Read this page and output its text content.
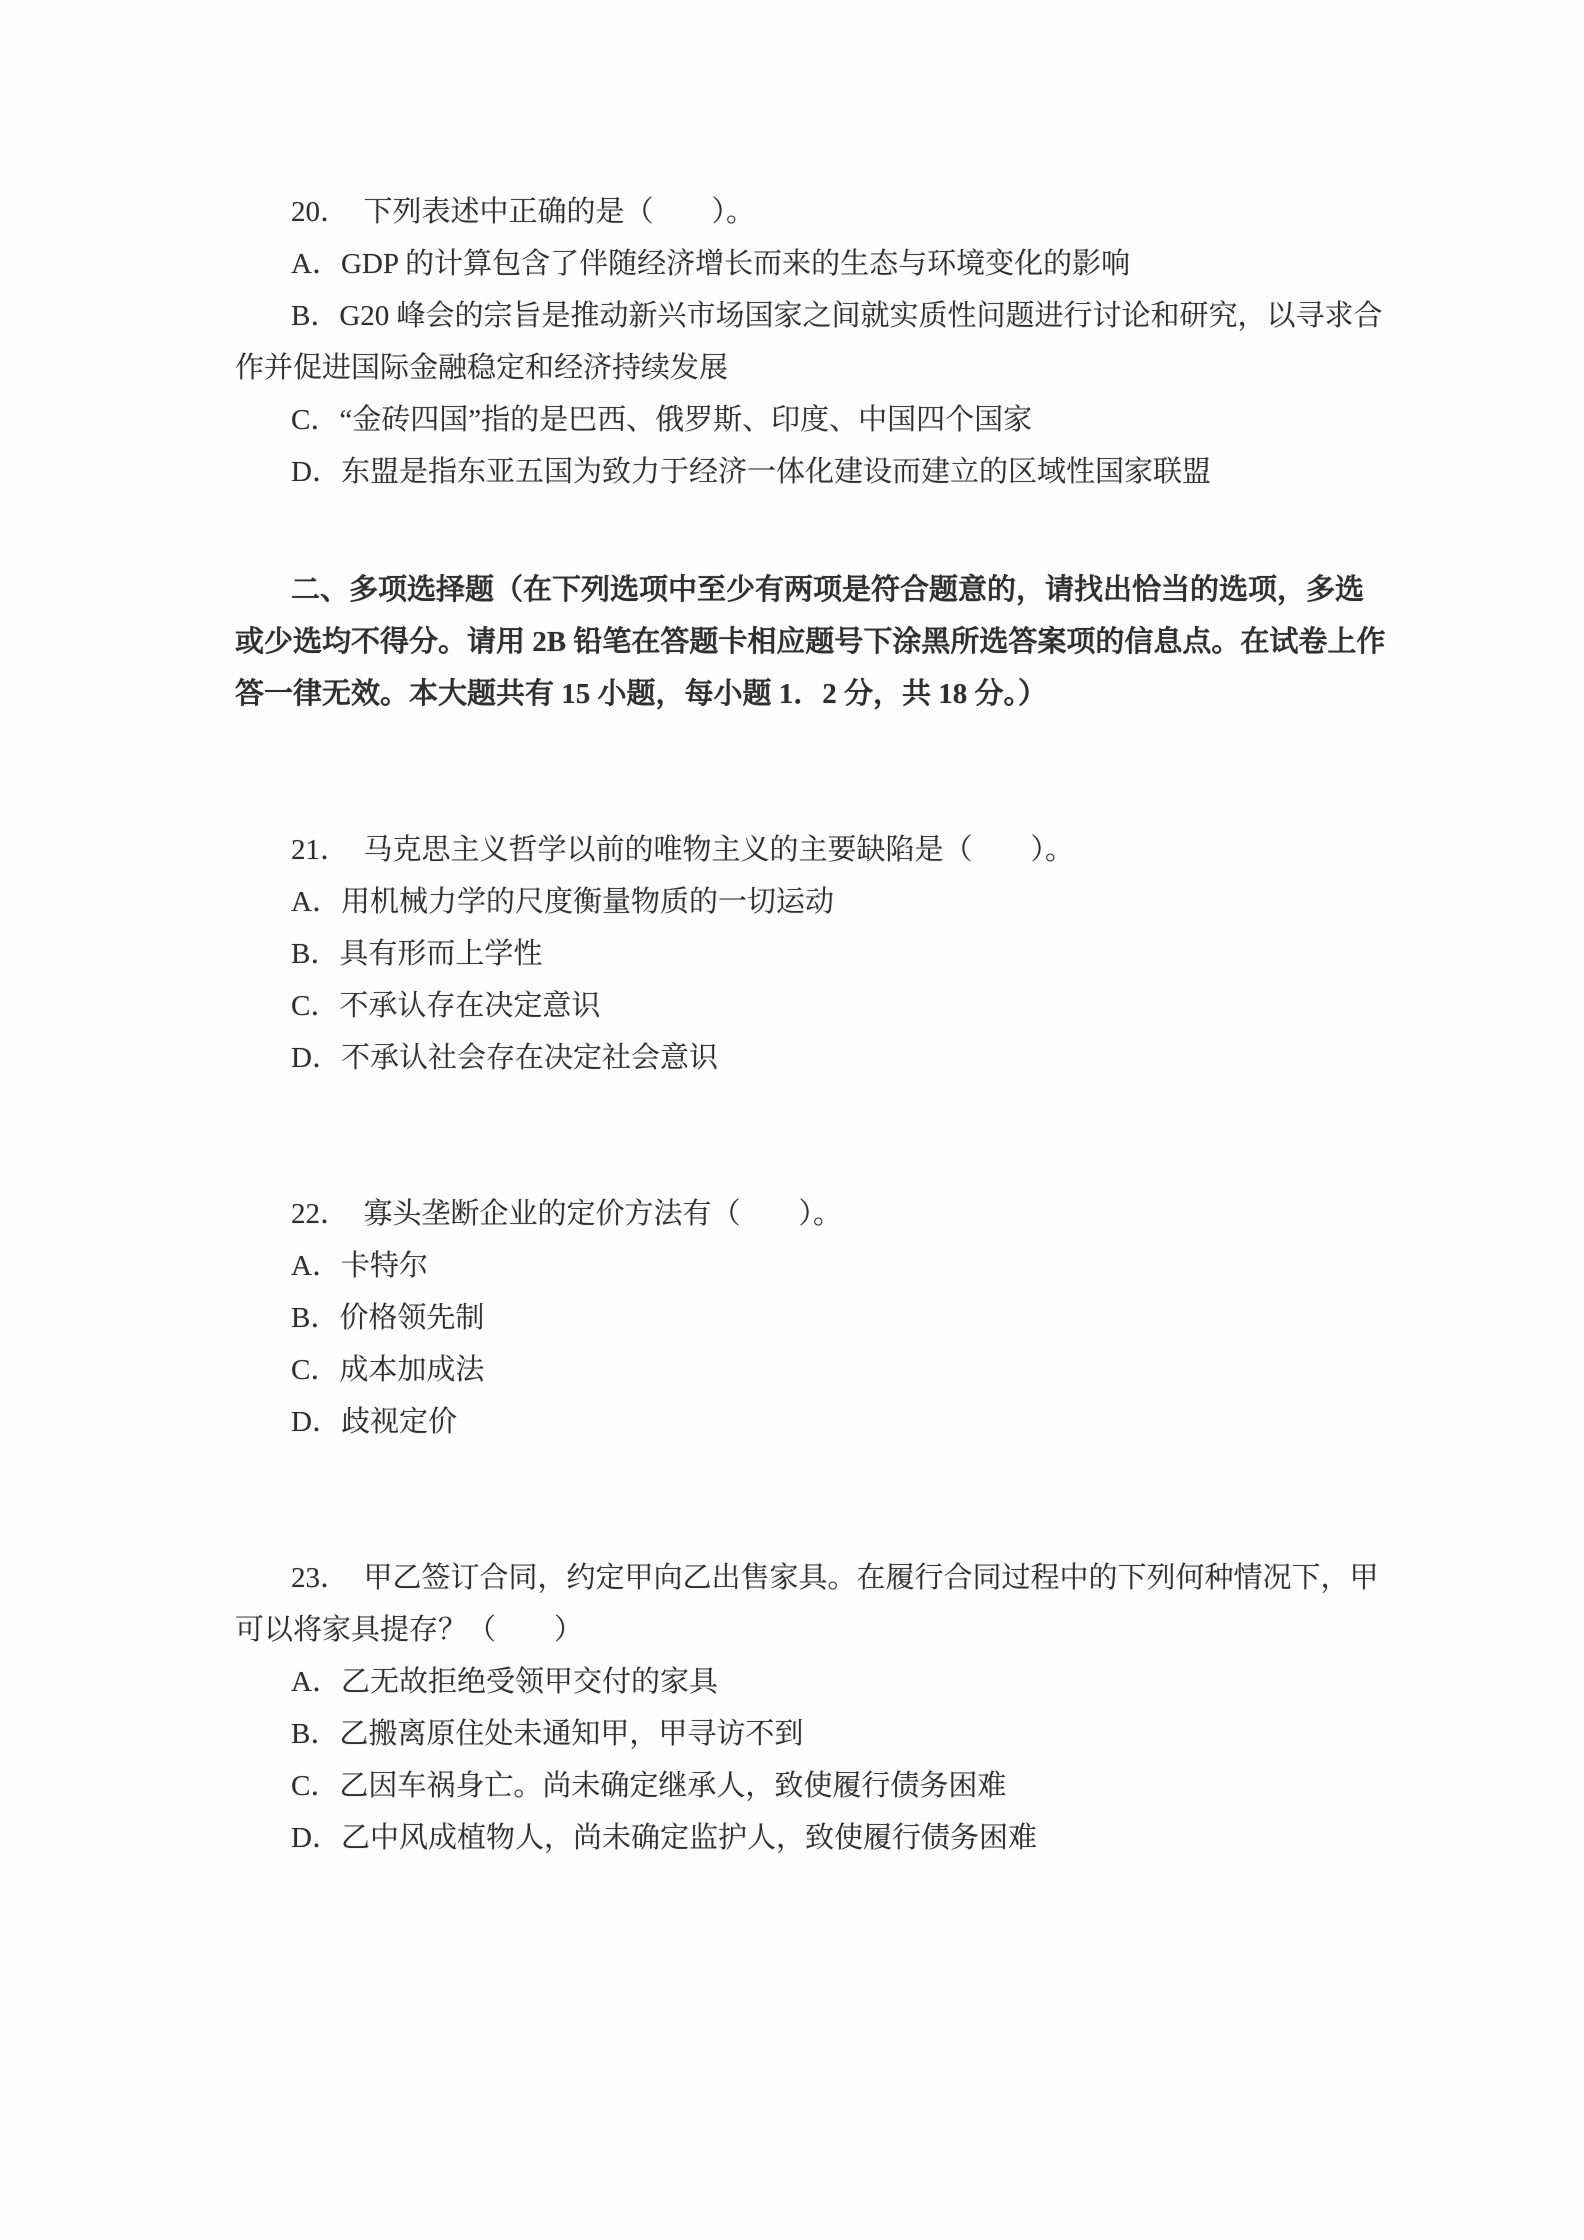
20．　下列表述中正确的是（　　）。

A．GDP 的计算包含了伴随经济增长而来的生态与环境变化的影响

B．G20 峰会的宗旨是推动新兴市场国家之间就实质性问题进行讨论和研究，以寻求合

作并促进国际金融稳定和经济持续发展

C．“金砖四国”指的是巴西、俄罗斯、印度、中国四个国家

D．东盟是指东亚五国为致力于经济一体化建设而建立的区域性国家联盟

二、多项选择题（在下列选项中至少有两项是符合题意的，请找出恰当的选项，多选

或少选均不得分。请用 2B 铅笔在答题卡相应题号下涂黑所选答案项的信息点。在试卷上作

答一律无效。本大题共有 15 小题，每小题 1．2 分，共 18 分。）

21．　马克思主义哲学以前的唯物主义的主要缺陷是（　　）。

A．用机械力学的尺度衡量物质的一切运动

B．具有形而上学性

C．不承认存在决定意识

D．不承认社会存在决定社会意识

22．　寡头垄断企业的定价方法有（　　）。

A．卡特尔

B．价格领先制

C．成本加成法

D．歧视定价

23．　甲乙签订合同，约定甲向乙出售家具。在履行合同过程中的下列何种情况下，甲

可以将家具提存？（　　）

A．乙无故拒绝受领甲交付的家具

B．乙搬离原住处未通知甲，甲寻访不到

C．乙因车祸身亡。尚未确定继承人，致使履行债务困难

D．乙中风成植物人，尚未确定监护人，致使履行债务困难
